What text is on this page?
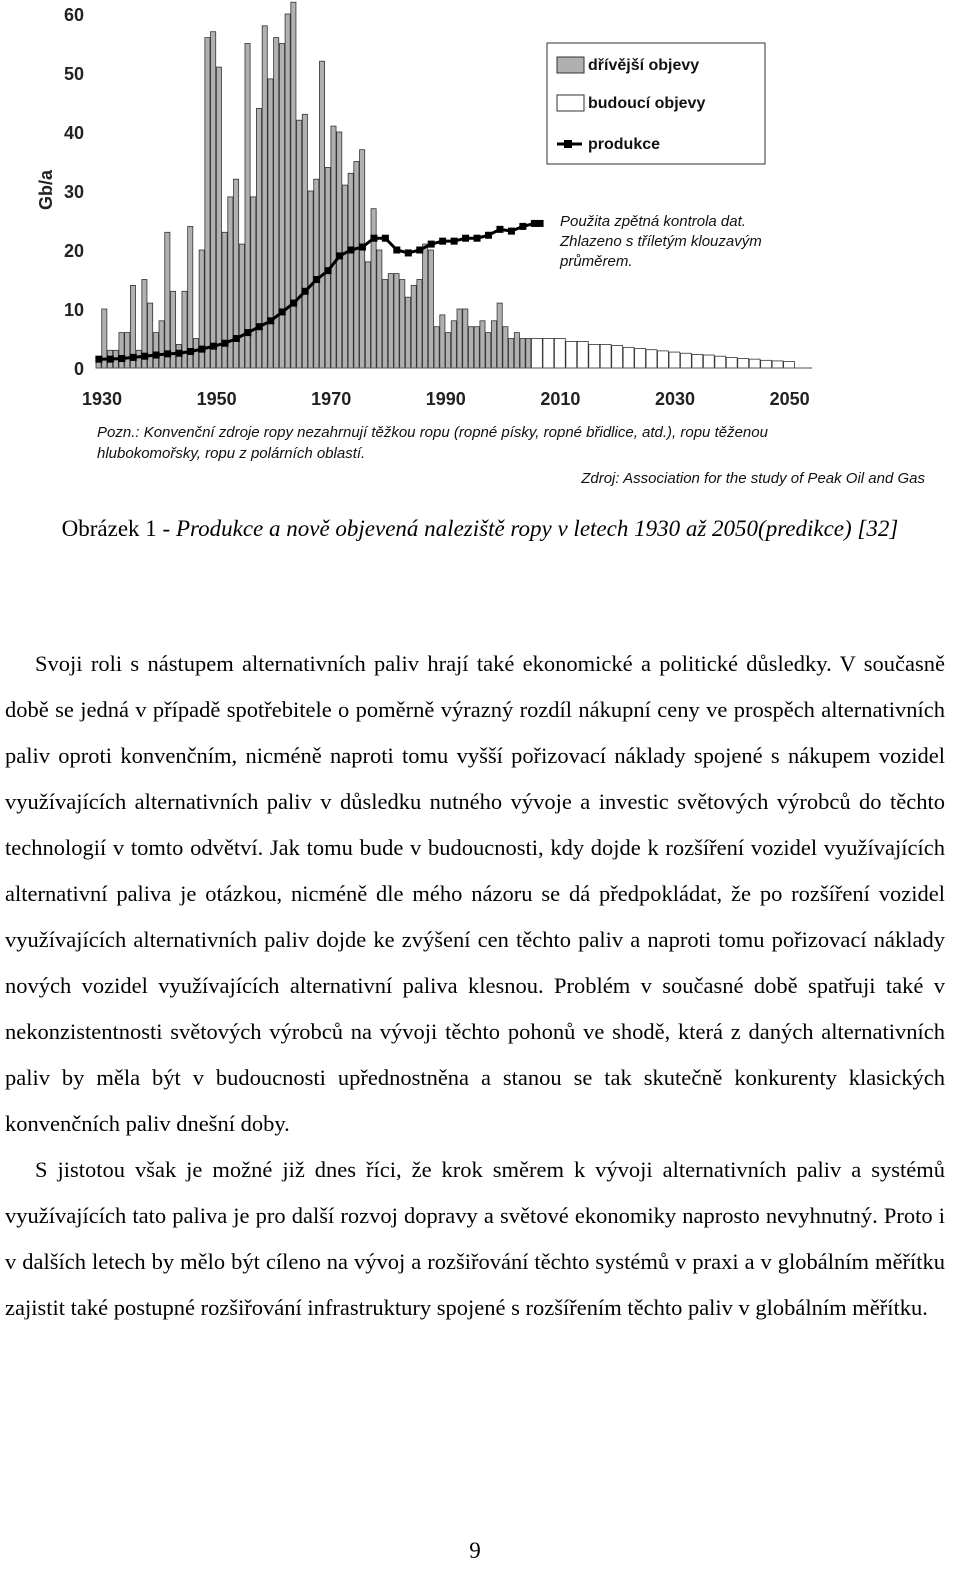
0
10
20
30
40
50
60
1930	1950	1970	1990	2010	2030	2050
Gb/a
dřívější objevy
budoucí objevy
produkce
Použita zpětná kontrola dat. Zhlazeno s tříletým klouzavým průměrem.
Pozn.: Konvenční zdroje ropy nezahrnují těžkou ropu (ropné písky, ropné břidlice, atd.), ropu těženou hlubokomořsky, ropu z polárních oblastí.
Zdroj: Association for the study of Peak Oil and Gas
Obrázek 1 - Produkce a nově objevená naleziště ropy v letech 1930 až 2050(predikce) [32]

Svoji roli s nástupem alternativních paliv hrají také ekonomické a politické důsledky. V současně době se jedná v případě spotřebitele o poměrně výrazný rozdíl nákupní ceny ve prospěch alternativních paliv oproti konvenčním, nicméně naproti tomu vyšší pořizovací náklady spojené s nákupem vozidel využívajících alternativních paliv v důsledku nutného vývoje a investic světových výrobců do těchto technologií v tomto odvětví. Jak tomu bude v budoucnosti, kdy dojde k rozšíření vozidel využívajících alternativní paliva je otázkou, nicméně dle mého názoru se dá předpokládat, že po rozšíření vozidel využívajících alternativních paliv dojde ke zvýšení cen těchto paliv a naproti tomu pořizovací náklady nových vozidel využívajících alternativní paliva klesnou. Problém v současné době spatřuji také v nekonzistentnosti světových výrobců na vývoji těchto pohonů ve shodě, která z daných alternativních paliv by měla být v budoucnosti upřednostněna a stanou se tak skutečně konkurenty klasických konvenčních paliv dnešní doby.

S jistotou však je možné již dnes říci, že krok směrem k vývoji alternativních paliv a systémů využívajících tato paliva je pro další rozvoj dopravy a světové ekonomiky naprosto nevyhnutný. Proto i v dalších letech by mělo být cíleno na vývoj a rozšiřování těchto systémů v praxi a v globálním měřítku zajistit také postupné rozšiřování infrastruktury spojené s rozšířením těchto paliv v globálním měřítku.

9
